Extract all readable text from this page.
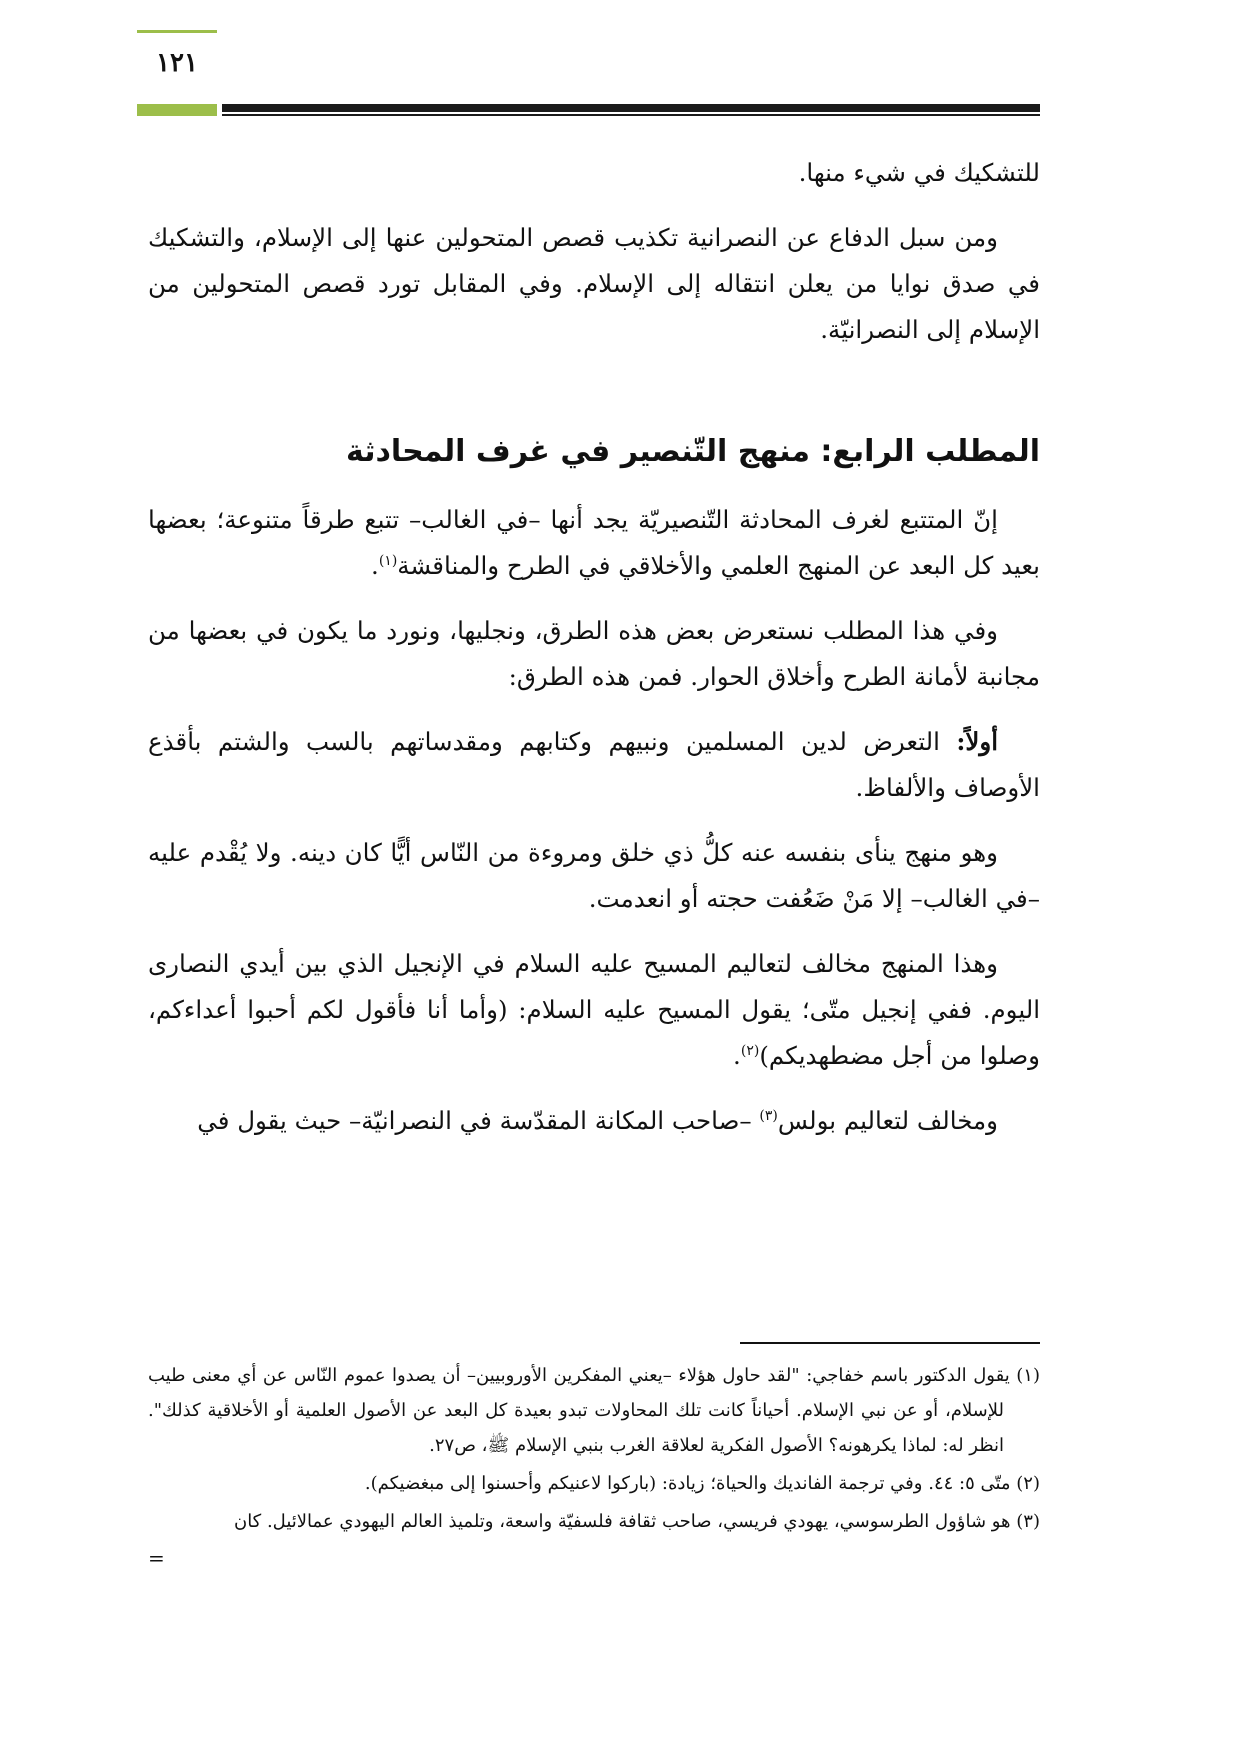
١٢١

للتشكيك في شيء منها.

ومن سبل الدفاع عن النصرانية تكذيب قصص المتحولين عنها إلى الإسلام، والتشكيك في صدق نوايا من يعلن انتقاله إلى الإسلام. وفي المقابل تورد قصص المتحولين من الإسلام إلى النصرانيّة.

المطلب الرابع: منهج التّنصير في غرف المحادثة

إنّ المتتبع لغرف المحادثة التّنصيريّة يجد أنها –في الغالب– تتبع طرقاً متنوعة؛ بعضها بعيد كل البعد عن المنهج العلمي والأخلاقي في الطرح والمناقشة$^{(١)}$.

وفي هذا المطلب نستعرض بعض هذه الطرق، ونجليها، ونورد ما يكون في بعضها من مجانبة لأمانة الطرح وأخلاق الحوار. فمن هذه الطرق:

أولاً: التعرض لدين المسلمين ونبيهم وكتابهم ومقدساتهم بالسب والشتم بأقذع الأوصاف والألفاظ.

وهو منهج ينأى بنفسه عنه كلُّ ذي خلق ومروءة من النّاس أيًّا كان دينه. ولا يُقْدم عليه –في الغالب– إلا مَنْ ضَعُفت حجته أو انعدمت.

وهذا المنهج مخالف لتعاليم المسيح عليه السلام في الإنجيل الذي بين أيدي النصارى اليوم. ففي إنجيل متّى؛ يقول المسيح عليه السلام: (وأما أنا فأقول لكم أحبوا أعداءكم، وصلوا من أجل مضطهديكم)$^{(٢)}$.

ومخالف لتعاليم بولس$^{(٣)}$ –صاحب المكانة المقدّسة في النصرانيّة– حيث يقول في

(١) يقول الدكتور باسم خفاجي: "لقد حاول هؤلاء –يعني المفكرين الأوروبيين– أن يصدوا عموم النّاس عن أي معنى طيب للإسلام، أو عن نبي الإسلام. أحياناً كانت تلك المحاولات تبدو بعيدة كل البعد عن الأصول العلمية أو الأخلاقية كذلك". انظر له: لماذا يكرهونه؟ الأصول الفكرية لعلاقة الغرب بنبي الإسلام ﷺ، ص٢٧.

(٢) متّى ٥: ٤٤. وفي ترجمة الفانديك والحياة؛ زيادة: (باركوا لاعنيكم وأحسنوا إلى مبغضيكم).

(٣) هو شاؤول الطرسوسي، يهودي فريسي، صاحب ثقافة فلسفيّة واسعة، وتلميذ العالم اليهودي عمالائيل. كان

=
